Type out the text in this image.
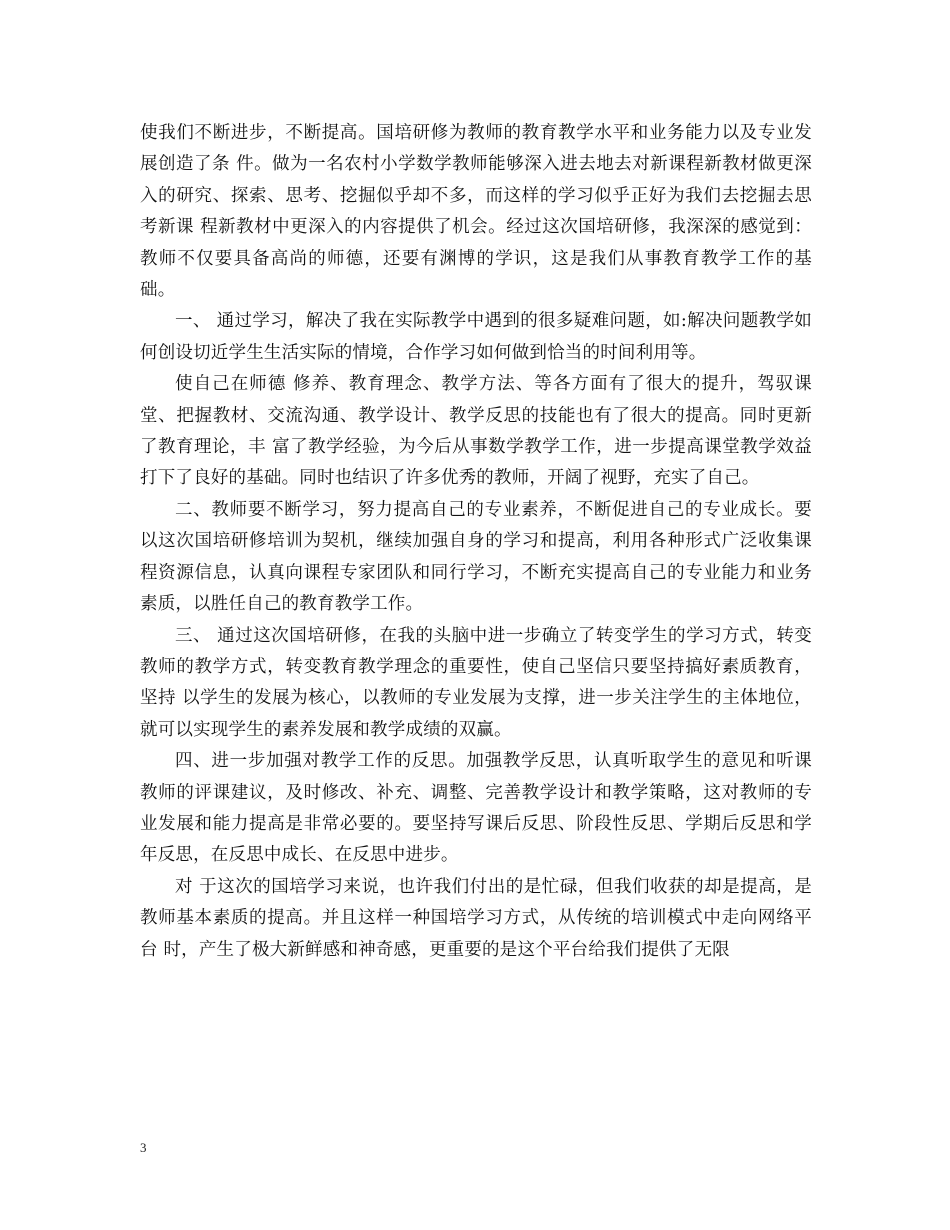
使我们不断进步，不断提高。国培研修为教师的教育教学水平和业务能力以及专业发展创造了条 件。做为一名农村小学数学教师能够深入进去地去对新课程新教材做更深入的研究、探索、思考、挖掘似乎却不多，而这样的学习似乎正好为我们去挖掘去思考新课 程新教材中更深入的内容提供了机会。经过这次国培研修，我深深的感觉到：教师不仅要具备高尚的师德，还要有渊博的学识，这是我们从事教育教学工作的基础。

一、 通过学习，解决了我在实际教学中遇到的很多疑难问题，如:解决问题教学如何创设切近学生生活实际的情境，合作学习如何做到恰当的时间利用等。

使自己在师德 修养、教育理念、教学方法、等各方面有了很大的提升，驾驭课堂、把握教材、交流沟通、教学设计、教学反思的技能也有了很大的提高。同时更新了教育理论，丰 富了教学经验，为今后从事数学教学工作，进一步提高课堂教学效益打下了良好的基础。同时也结识了许多优秀的教师，开阔了视野，充实了自己。

二、教师要不断学习，努力提高自己的专业素养，不断促进自己的专业成长。要以这次国培研修培训为契机，继续加强自身的学习和提高，利用各种形式广泛收集课程资源信息，认真向课程专家团队和同行学习，不断充实提高自己的专业能力和业务素质，以胜任自己的教育教学工作。

三、 通过这次国培研修，在我的头脑中进一步确立了转变学生的学习方式，转变教师的教学方式，转变教育教学理念的重要性，使自己坚信只要坚持搞好素质教育，坚持 以学生的发展为核心，以教师的专业发展为支撑，进一步关注学生的主体地位，就可以实现学生的素养发展和教学成绩的双赢。

四、进一步加强对教学工作的反思。加强教学反思，认真听取学生的意见和听课教师的评课建议，及时修改、补充、调整、完善教学设计和教学策略，这对教师的专业发展和能力提高是非常必要的。要坚持写课后反思、阶段性反思、学期后反思和学年反思，在反思中成长、在反思中进步。

对 于这次的国培学习来说，也许我们付出的是忙碌，但我们收获的却是提高，是教师基本素质的提高。并且这样一种国培学习方式，从传统的培训模式中走向网络平台 时，产生了极大新鲜感和神奇感，更重要的是这个平台给我们提供了无限

3
